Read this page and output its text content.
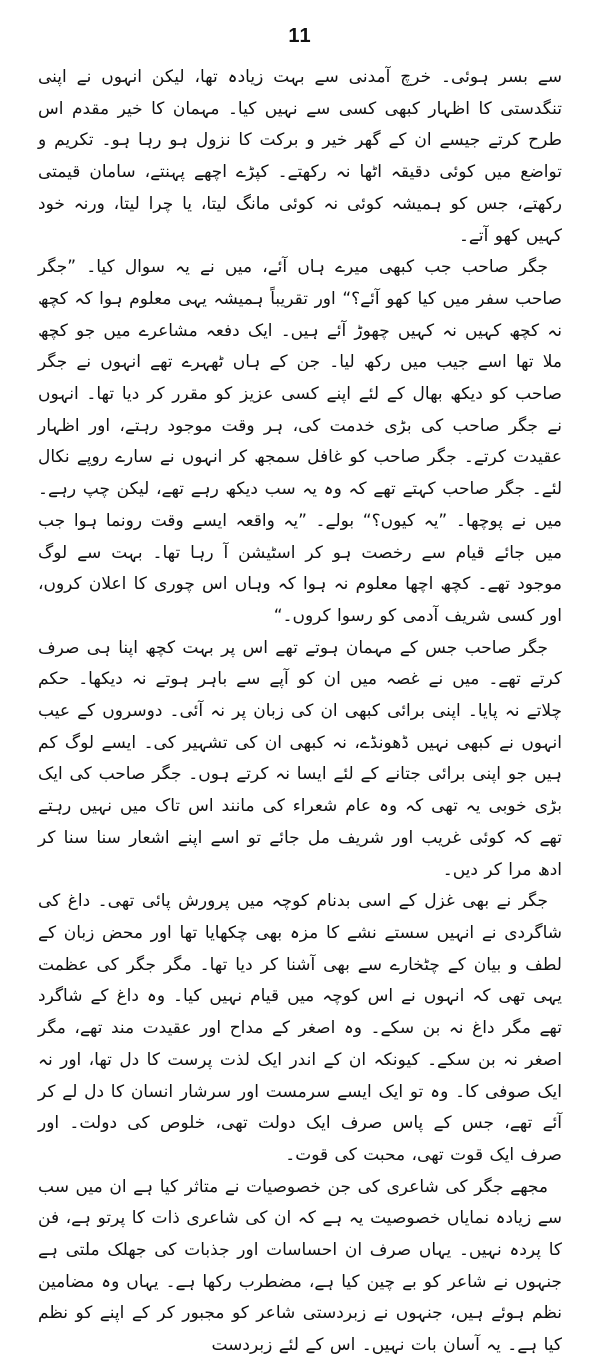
11

سے بسر ہوئی۔ خرچ آمدنی سے بہت زیادہ تھا، لیکن انہوں نے اپنی تنگدستی کا اظہار کبھی کسی سے نہیں کیا۔ مہمان کا خیر مقدم اس طرح کرتے جیسے ان کے گھر خیر و برکت کا نزول ہو رہا ہو۔ تکریم و تواضع میں کوئی دقیقہ اٹھا نہ رکھتے۔ کپڑے اچھے پہنتے، سامان قیمتی رکھتے، جس کو ہمیشہ کوئی نہ کوئی مانگ لیتا، یا چرا لیتا، ورنہ خود کہیں کھو آتے۔

جگر صاحب جب کبھی میرے ہاں آئے، میں نے یہ سوال کیا۔ ”جگر صاحب سفر میں کیا کھو آئے؟“ اور تقریباً ہمیشہ یہی معلوم ہوا کہ کچھ نہ کچھ کہیں نہ کہیں چھوڑ آئے ہیں۔ ایک دفعہ مشاعرے میں جو کچھ ملا تھا اسے جیب میں رکھ لیا۔ جن کے ہاں ٹھہرے تھے انہوں نے جگر صاحب کو دیکھ بھال کے لئے اپنے کسی عزیز کو مقرر کر دیا تھا۔ انہوں نے جگر صاحب کی بڑی خدمت کی، ہر وقت موجود رہتے، اور اظہار عقیدت کرتے۔ جگر صاحب کو غافل سمجھ کر انہوں نے سارے روپے نکال لئے۔ جگر صاحب کہتے تھے کہ وہ یہ سب دیکھ رہے تھے، لیکن چپ رہے۔ میں نے پوچھا۔ ”یہ کیوں؟“ بولے۔ ”یہ واقعہ ایسے وقت رونما ہوا جب میں جائے قیام سے رخصت ہو کر اسٹیشن آ رہا تھا۔ بہت سے لوگ موجود تھے۔ کچھ اچھا معلوم نہ ہوا کہ وہاں اس چوری کا اعلان کروں، اور کسی شریف آدمی کو رسوا کروں۔“

جگر صاحب جس کے مہمان ہوتے تھے اس پر بہت کچھ اپنا ہی صرف کرتے تھے۔ میں نے غصہ میں ان کو آپے سے باہر ہوتے نہ دیکھا۔ حکم چلاتے نہ پایا۔ اپنی برائی کبھی ان کی زبان پر نہ آئی۔ دوسروں کے عیب انہوں نے کبھی نہیں ڈھونڈے، نہ کبھی ان کی تشہیر کی۔ ایسے لوگ کم ہیں جو اپنی برائی جتانے کے لئے ایسا نہ کرتے ہوں۔ جگر صاحب کی ایک بڑی خوبی یہ تھی کہ وہ عام شعراء کی مانند اس تاک میں نہیں رہتے تھے کہ کوئی غریب اور شریف مل جائے تو اسے اپنے اشعار سنا سنا کر ادھ مرا کر دیں۔

جگر نے بھی غزل کے اسی بدنام کوچہ میں پرورش پائی تھی۔ داغ کی شاگردی نے انہیں سستے نشے کا مزہ بھی چکھایا تھا اور محض زبان کے لطف و بیان کے چٹخارے سے بھی آشنا کر دیا تھا۔ مگر جگر کی عظمت یہی تھی کہ انہوں نے اس کوچہ میں قیام نہیں کیا۔ وہ داغ کے شاگرد تھے مگر داغ نہ بن سکے۔ وہ اصغر کے مداح اور عقیدت مند تھے، مگر اصغر نہ بن سکے۔ کیونکہ ان کے اندر ایک لذت پرست کا دل تھا، اور نہ ایک صوفی کا۔ وہ تو ایک ایسے سرمست اور سرشار انسان کا دل لے کر آئے تھے، جس کے پاس صرف ایک دولت تھی، خلوص کی دولت۔ اور صرف ایک قوت تھی، محبت کی قوت۔

مجھے جگر کی شاعری کی جن خصوصیات نے متاثر کیا ہے ان میں سب سے زیادہ نمایاں خصوصیت یہ ہے کہ ان کی شاعری ذات کا پرتو ہے، فن کا پردہ نہیں۔ یہاں صرف ان احساسات اور جذبات کی جھلک ملتی ہے جنہوں نے شاعر کو بے چین کیا ہے، مضطرب رکھا ہے۔ یہاں وہ مضامین نظم ہوئے ہیں، جنہوں نے زبردستی شاعر کو مجبور کر کے اپنے کو نظم کیا ہے۔ یہ آسان بات نہیں۔ اس کے لئے زبردست
